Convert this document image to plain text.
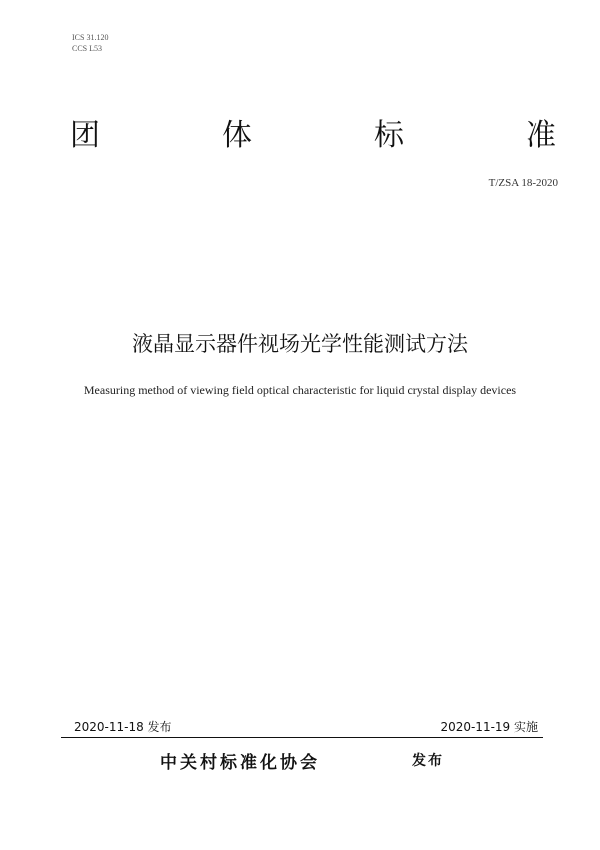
ICS 31.120
CCS L53
团	体	标	准
T/ZSA 18-2020
液晶显示器件视场光学性能测试方法
Measuring method of viewing field optical characteristic for liquid crystal display devices
2020-11-18 发布	2020-11-19 实施
中关村标准化协会	发布
